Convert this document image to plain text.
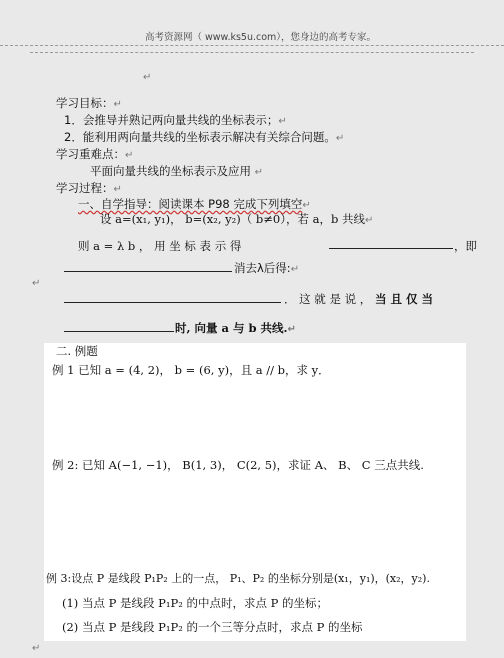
高考资源网（ www.ks5u.com），您身边的高考专家。
↵
学习目标：↵
1．会推导并熟记两向量共线的坐标表示；↵
2．能利用两向量共线的坐标表示解决有关综合问题。↵
学习重难点：↵
平面向量共线的坐标表示及应用 ↵
学习过程：↵
一、自学指导：阅读课本 P98 完成下列填空↵
设 a=(x₁, y₁)， b=(x₂, y₂)（ b≠0），若 a，b 共线↵
则 a = λ b ， 用 坐 标 表 示 得	，即
消去λ后得:↵
↵
． 这 就 是 说 ， 当 且 仅 当
时, 向量 a 与 b 共线.↵
二. 例题
例 1 已知 a = (4, 2)， b = (6, y)，且 a // b，求 y．
例 2: 已知 A(−1, −1)， B(1, 3)， C(2, 5)，求证 A、 B、 C 三点共线.
例 3:设点 P 是线段 P₁P₂ 上的一点， P₁、P₂ 的坐标分别是(x₁，y₁)，(x₂，y₂).
(1) 当点 P 是线段 P₁P₂ 的中点时，求点 P 的坐标；
(2) 当点 P 是线段 P₁P₂ 的一个三等分点时，求点 P 的坐标
↵
